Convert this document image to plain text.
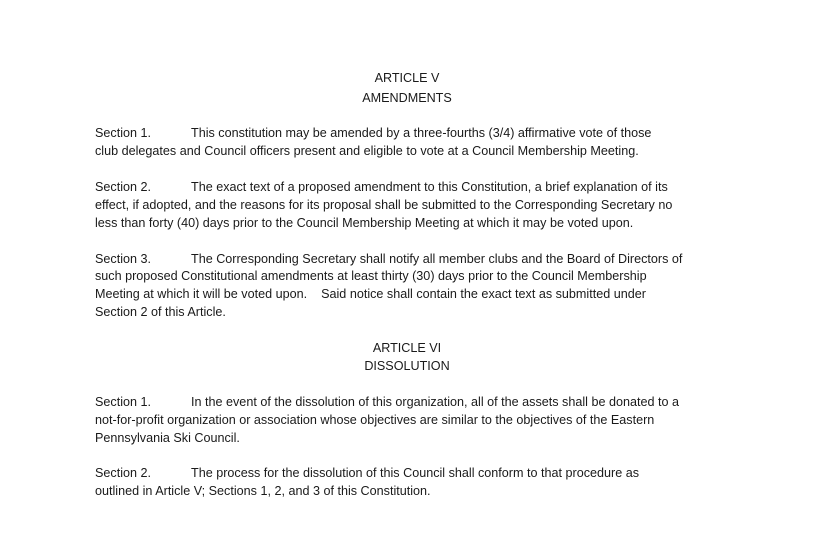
ARTICLE V
AMENDMENTS
Section 1.	This constitution may be amended by a three-fourths (3/4) affirmative vote of those
club delegates and Council officers present and eligible to vote at a Council Membership Meeting.
Section 2.	The exact text of a proposed amendment to this Constitution, a brief explanation of its
effect, if adopted, and the reasons for its proposal shall be submitted to the Corresponding Secretary no
less than forty (40) days prior to the Council Membership Meeting at which it may be voted upon.
Section 3.	The Corresponding Secretary shall notify all member clubs and the Board of Directors of
such proposed Constitutional amendments at least thirty (30) days prior to the Council Membership
Meeting at which it will be voted upon.    Said notice shall contain the exact text as submitted under
Section 2 of this Article.
ARTICLE VI
DISSOLUTION
Section 1.	In the event of the dissolution of this organization, all of the assets shall be donated to a
not-for-profit organization or association whose objectives are similar to the objectives of the Eastern
Pennsylvania Ski Council.
Section 2.	The process for the dissolution of this Council shall conform to that procedure as
outlined in Article V; Sections 1, 2, and 3 of this Constitution.
